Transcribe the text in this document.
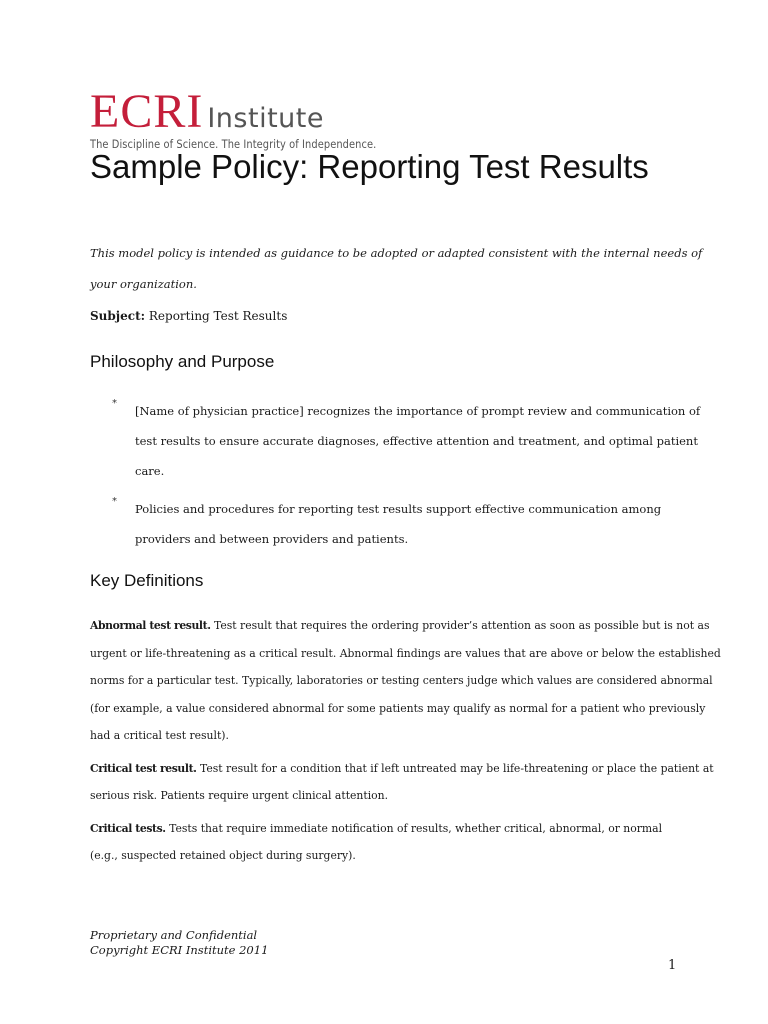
ECRI Institute
The Discipline of Science. The Integrity of Independence.
Sample Policy: Reporting Test Results

This model policy is intended as guidance to be adopted or adapted consistent with the internal needs of
your organization.

Subject: Reporting Test Results

Philosophy and Purpose
*
[Name of physician practice] recognizes the importance of prompt review and communication of
test results to ensure accurate diagnoses, effective attention and treatment, and optimal patient
care.
*
Policies and procedures for reporting test results support effective communication among
providers and between providers and patients.
Key Definitions

Abnormal test result. Test result that requires the ordering provider’s attention as soon as possible but is not as
urgent or life-threatening as a critical result. Abnormal findings are values that are above or below the established
norms for a particular test. Typically, laboratories or testing centers judge which values are considered abnormal
(for example, a value considered abnormal for some patients may qualify as normal for a patient who previously
had a critical test result).

Critical test result. Test result for a condition that if left untreated may be life-threatening or place the patient at
serious risk. Patients require urgent clinical attention.

Critical tests. Tests that require immediate notification of results, whether critical, abnormal, or normal
(e.g., suspected retained object during surgery).

Proprietary and Confidential
Copyright ECRI Institute 2011
1
